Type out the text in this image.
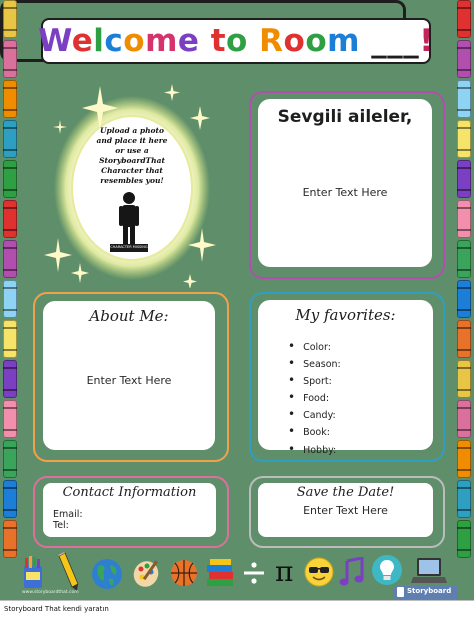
Welcome to Room ___!
Upload a photo and place it here or use a StoryboardThat Character that resembles you!
CHARACTER MISSING
Sevgili aileler,
Enter Text Here
About Me:
Enter Text Here
My favorites:
• Color:
• Season:
• Sport:
• Food:
• Candy:
• Book:
• Hobby:
Contact Information
Email:
Tel:
Save the Date!
Enter Text Here
π
Storyboard
www.storyboardthat.com
Storyboard That kendi yaratın
